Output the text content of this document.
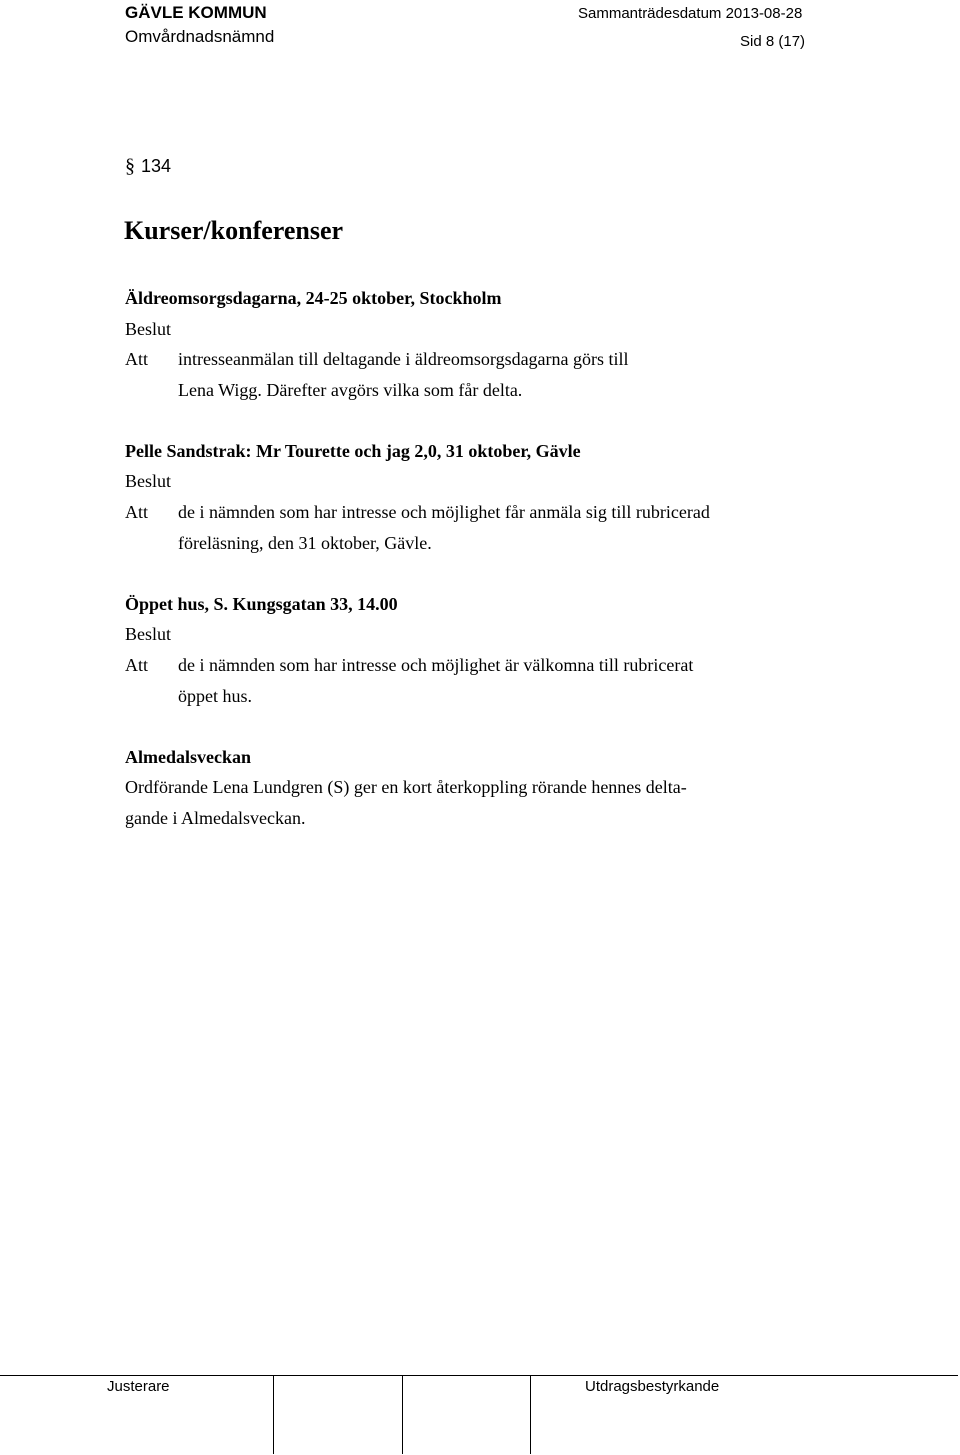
GÄVLE KOMMUN
Omvårdnadsnämnd
Sammanträdesdatum 2013-08-28
Sid 8 (17)
§ 134
Kurser/konferenser
Äldreomsorgsdagarna, 24-25 oktober, Stockholm
Beslut
Att intresseanmälan till deltagande i äldreomsorgsdagarna görs till
Lena Wigg. Därefter avgörs vilka som får delta.
Pelle Sandstrak: Mr Tourette och jag 2,0, 31 oktober, Gävle
Beslut
Att de i nämnden som har intresse och möjlighet får anmäla sig till rubricerad
föreläsning, den 31 oktober, Gävle.
Öppet hus, S. Kungsgatan 33, 14.00
Beslut
Att de i nämnden som har intresse och möjlighet är välkomna till rubricerat
öppet hus.
Almedalsveckan
Ordförande Lena Lundgren (S) ger en kort återkoppling rörande hennes delta-
gande i Almedalsveckan.
Justerare	Utdragsbestyrkande
